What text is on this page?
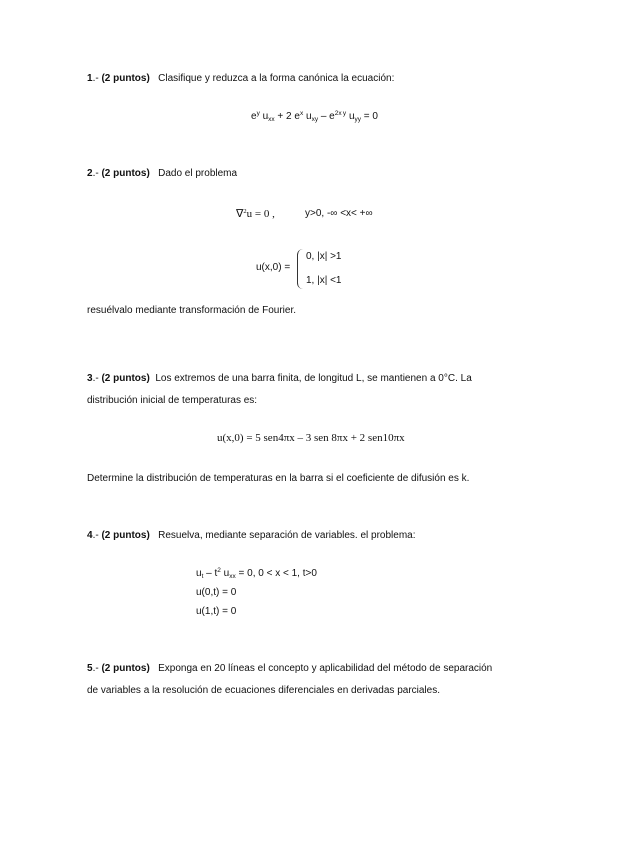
1.- (2 puntos) Clasifique y reduzca a la forma canónica la ecuación:
$e^y$ $u_{xx} + 2$ $e^x$ $u_{xy} - e^{2x y}$ $u_{yy} = 0$
2.- (2 puntos) Dado el problema
∇$^2$u = 0 ,	y>0, -∞ <x< +∞
u(x,0) =
0, |x| >1
1, |x| <1
resuélvalo mediante transformación de Fourier.
3.- (2 puntos) Los extremos de una barra finita, de longitud L, se mantienen a 0°C. La
distribución inicial de temperaturas es:
u(x,0) = 5 sen4πx – 3 sen 8πx + 2 sen10πx
Determine la distribución de temperaturas en la barra si el coeficiente de difusión es k.
4.- (2 puntos) Resuelva, mediante separación de variables. el problema:
$u_t - t^2$ $u_{xx} = 0$, 0 < x < 1, t>0
u(0,t) = 0
u(1,t) = 0
5.- (2 puntos) Exponga en 20 líneas el concepto y aplicabilidad del método de separación
de variables a la resolución de ecuaciones diferenciales en derivadas parciales.
